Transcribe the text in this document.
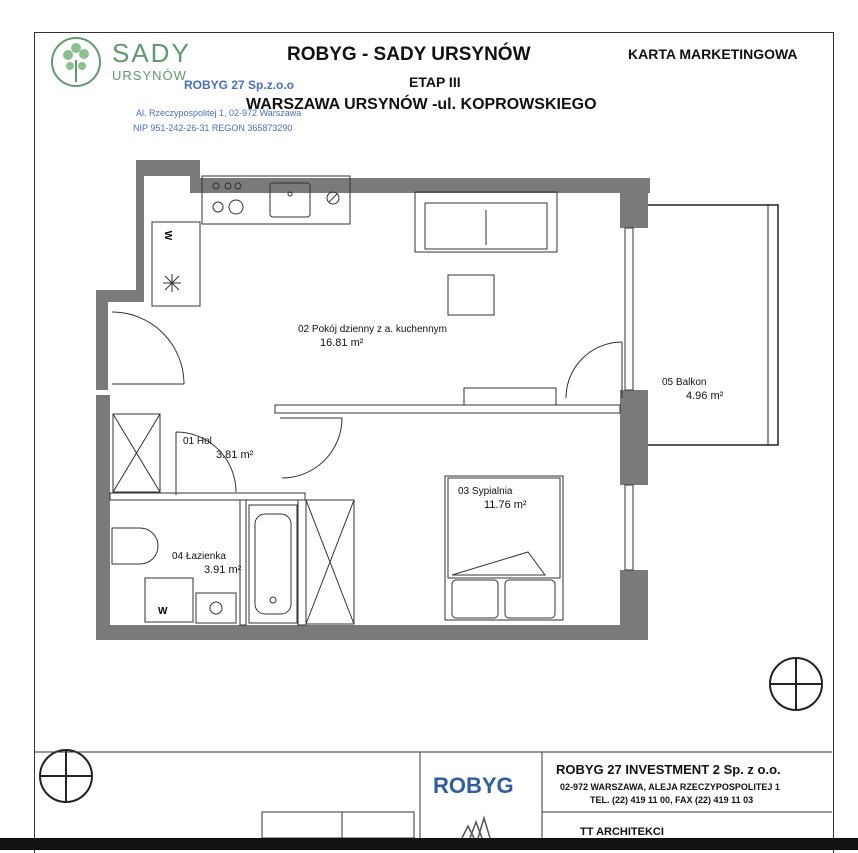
SADY
URSYNÓW
ROBYG - SADY URSYNÓW
ETAP III
WARSZAWA URSYNÓW -ul. KOPROWSKIEGO
KARTA MARKETINGOWA
ROBYG 27 Sp.z.o.o
Al. Rzeczypospolitej 1, 02-972 Warszawa
NIP 951-242-26-31 REGON 365873290
02 Pokój dzienny z a. kuchennym
16.81 m²
05 Balkon
4.96 m²
01 Hol
3.81 m²
03 Sypialnia
11.76 m²
04 Łazienka
3.91 m²
W
W
ROBYG
ROBYG 27 INVESTMENT 2 Sp. z o.o.
02-972 WARSZAWA, ALEJA RZECZYPOSPOLITEJ 1
TEL. (22) 419 11 00, FAX (22) 419 11 03
TT ARCHITEKCI
